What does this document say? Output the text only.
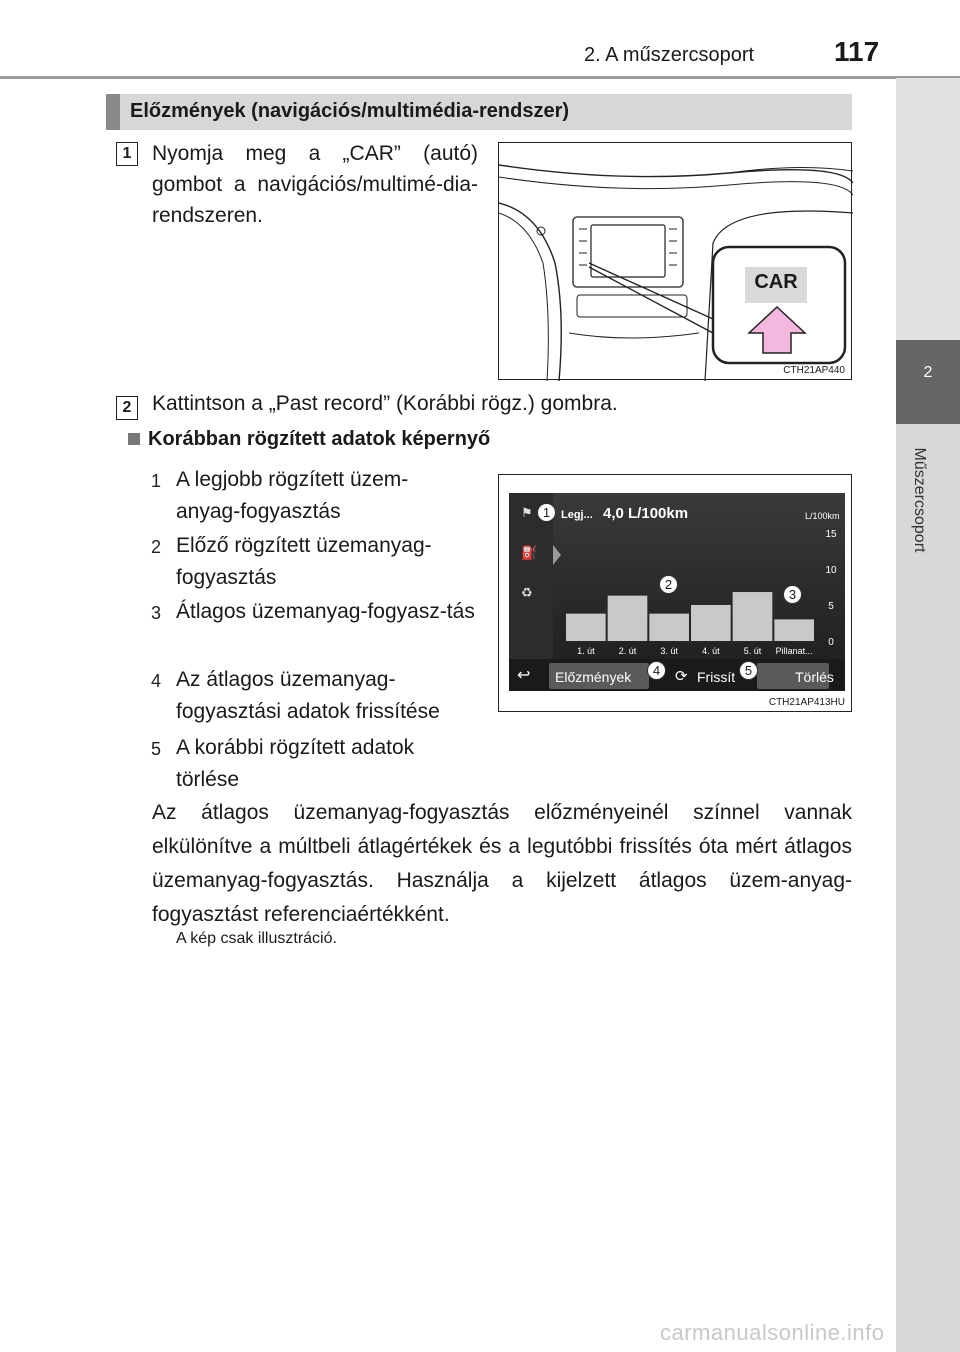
2. A műszercsoport	117
2
Műszercsoport
Előzmények (navigációs/multimédia-rendszer)
1 Nyomja meg a „CAR” (autó) gombot a navigációs/multimé-dia-rendszeren.
CAR
CTH21AP440
2 Kattintson a „Past record” (Korábbi rögz.) gombra.
Korábban rögzített adatok képernyő
1 A legjobb rögzített üzem-anyag-fogyasztás
2 Előző rögzített üzemanyag-fogyasztás
3 Átlagos üzemanyag-fogyasz-tás
4 Az átlagos üzemanyag-fogyasztási adatok frissítése
5 A korábbi rögzített adatok törlése
1. út	2. út	3. út	4. út	5. út Pillanat...
15
10
5
0
Legj... 4,0 L/100km	L/100km
Előzmények	Frissít	Törlés
↩	⟳
⚑
⛽
♻
1
2
3
4	5
CTH21AP413HU
Az átlagos üzemanyag-fogyasztás előzményeinél színnel vannak elkülönítve a múltbeli átlagértékek és a legutóbbi frissítés óta mért átlagos üzemanyag-fogyasztás. Használja a kijelzett átlagos üzem-anyag-fogyasztást referenciaértékként.
A kép csak illusztráció.
carmanualsonline.info
